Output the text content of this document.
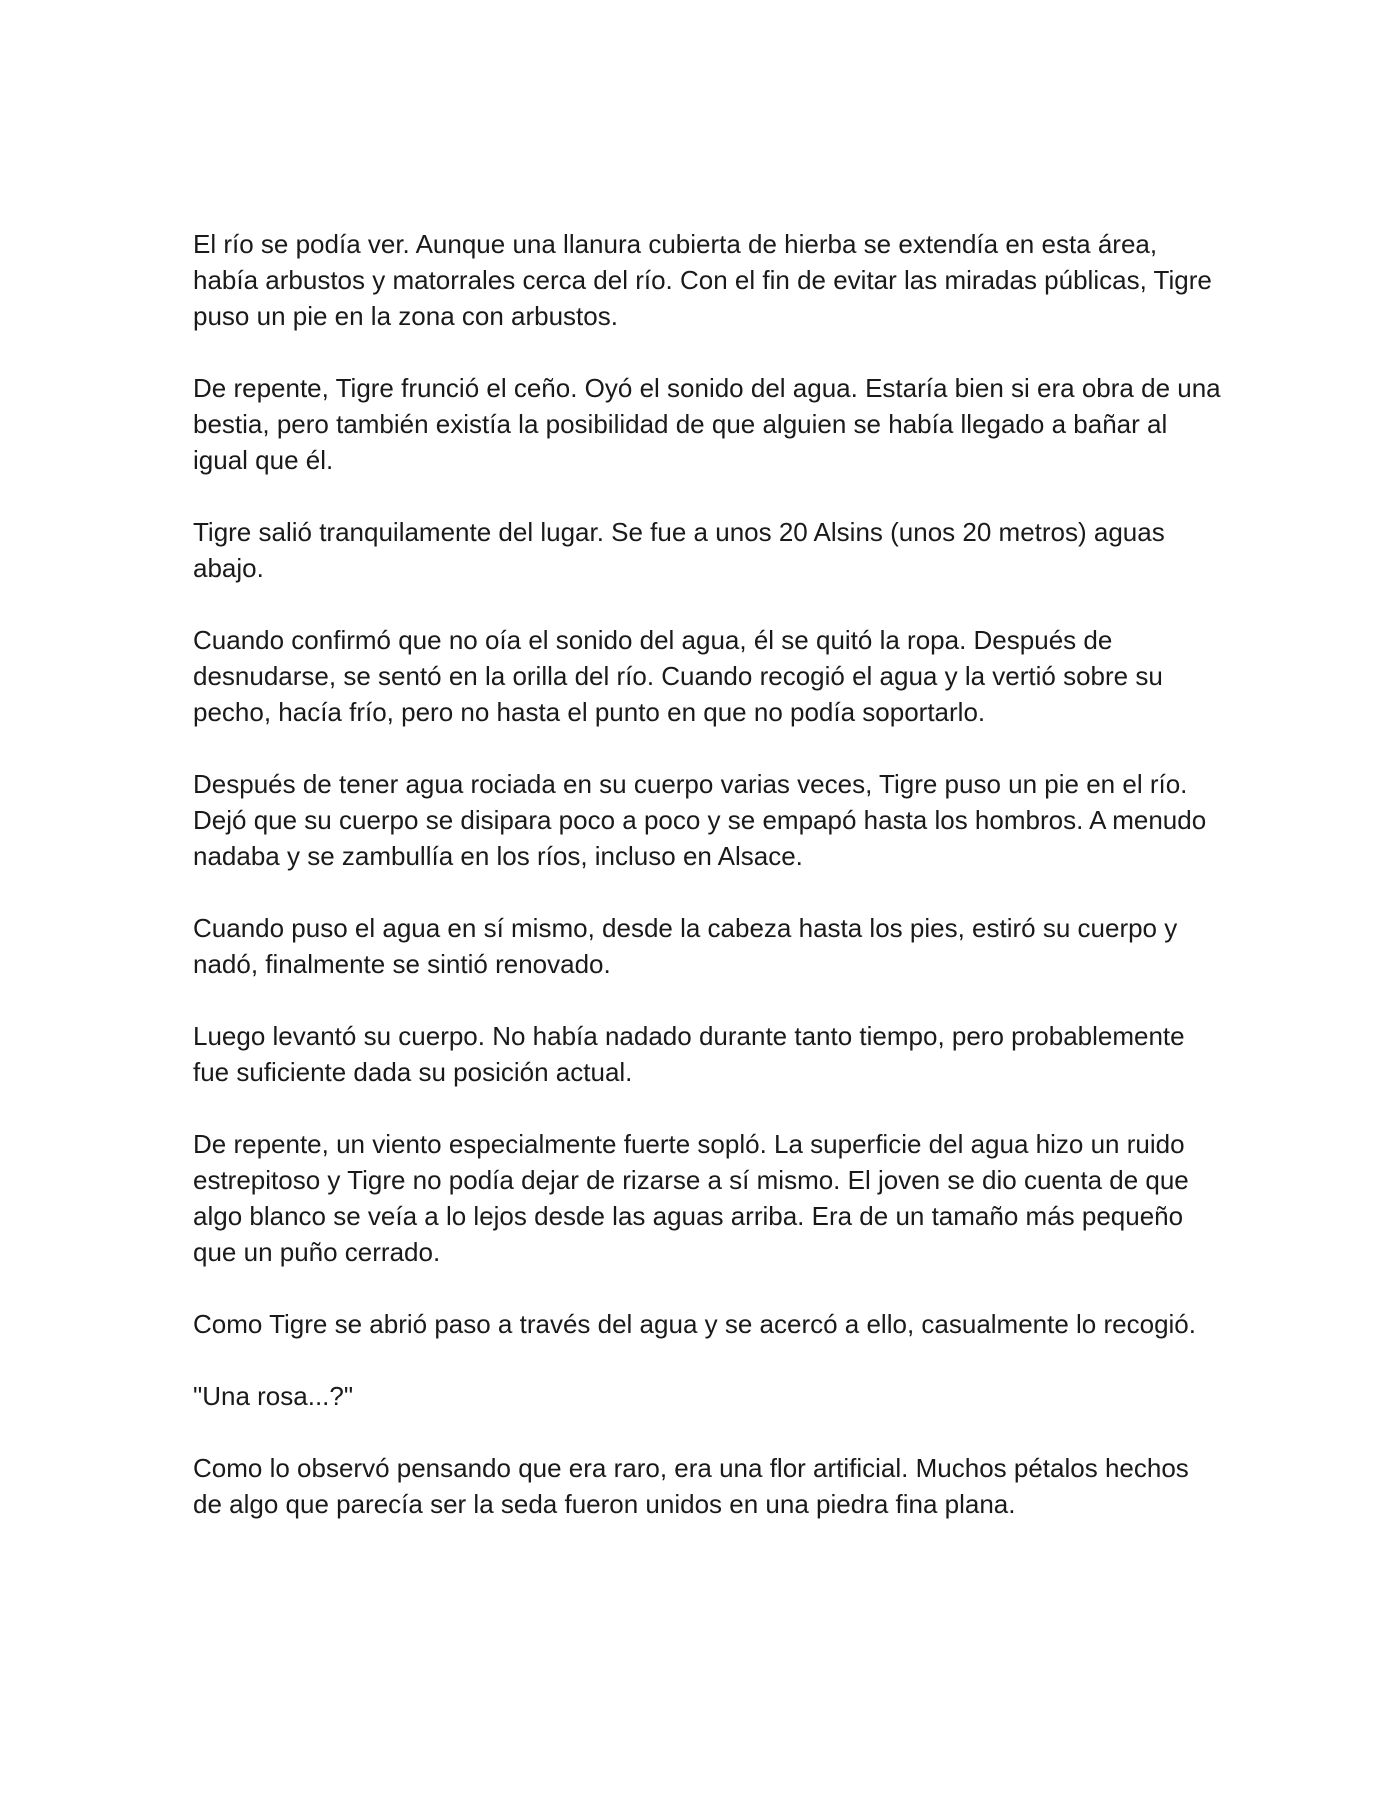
El río se podía ver. Aunque una llanura cubierta de hierba se extendía en esta área, había arbustos y matorrales cerca del río. Con el fin de evitar las miradas públicas, Tigre puso un pie en la zona con arbustos.

De repente, Tigre frunció el ceño. Oyó el sonido del agua. Estaría bien si era obra de una bestia, pero también existía la posibilidad de que alguien se había llegado a bañar al igual que él.

Tigre salió tranquilamente del lugar. Se fue a unos 20 Alsins (unos 20 metros) aguas abajo.

Cuando confirmó que no oía el sonido del agua, él se quitó la ropa. Después de desnudarse, se sentó en la orilla del río. Cuando recogió el agua y la vertió sobre su pecho, hacía frío, pero no hasta el punto en que no podía soportarlo.

Después de tener agua rociada en su cuerpo varias veces, Tigre puso un pie en el río. Dejó que su cuerpo se disipara poco a poco y se empapó hasta los hombros. A menudo nadaba y se zambullía en los ríos, incluso en Alsace.

Cuando puso el agua en sí mismo, desde la cabeza hasta los pies, estiró su cuerpo y nadó, finalmente se sintió renovado.

Luego levantó su cuerpo. No había nadado durante tanto tiempo, pero probablemente fue suficiente dada su posición actual.

De repente, un viento especialmente fuerte sopló. La superficie del agua hizo un ruido estrepitoso y Tigre no podía dejar de rizarse a sí mismo. El joven se dio cuenta de que algo blanco se veía a lo lejos desde las aguas arriba. Era de un tamaño más pequeño que un puño cerrado.

Como Tigre se abrió paso a través del agua y se acercó a ello, casualmente lo recogió.

"Una rosa...?"

Como lo observó pensando que era raro, era una flor artificial. Muchos pétalos hechos de algo que parecía ser la seda fueron unidos en una piedra fina plana.
